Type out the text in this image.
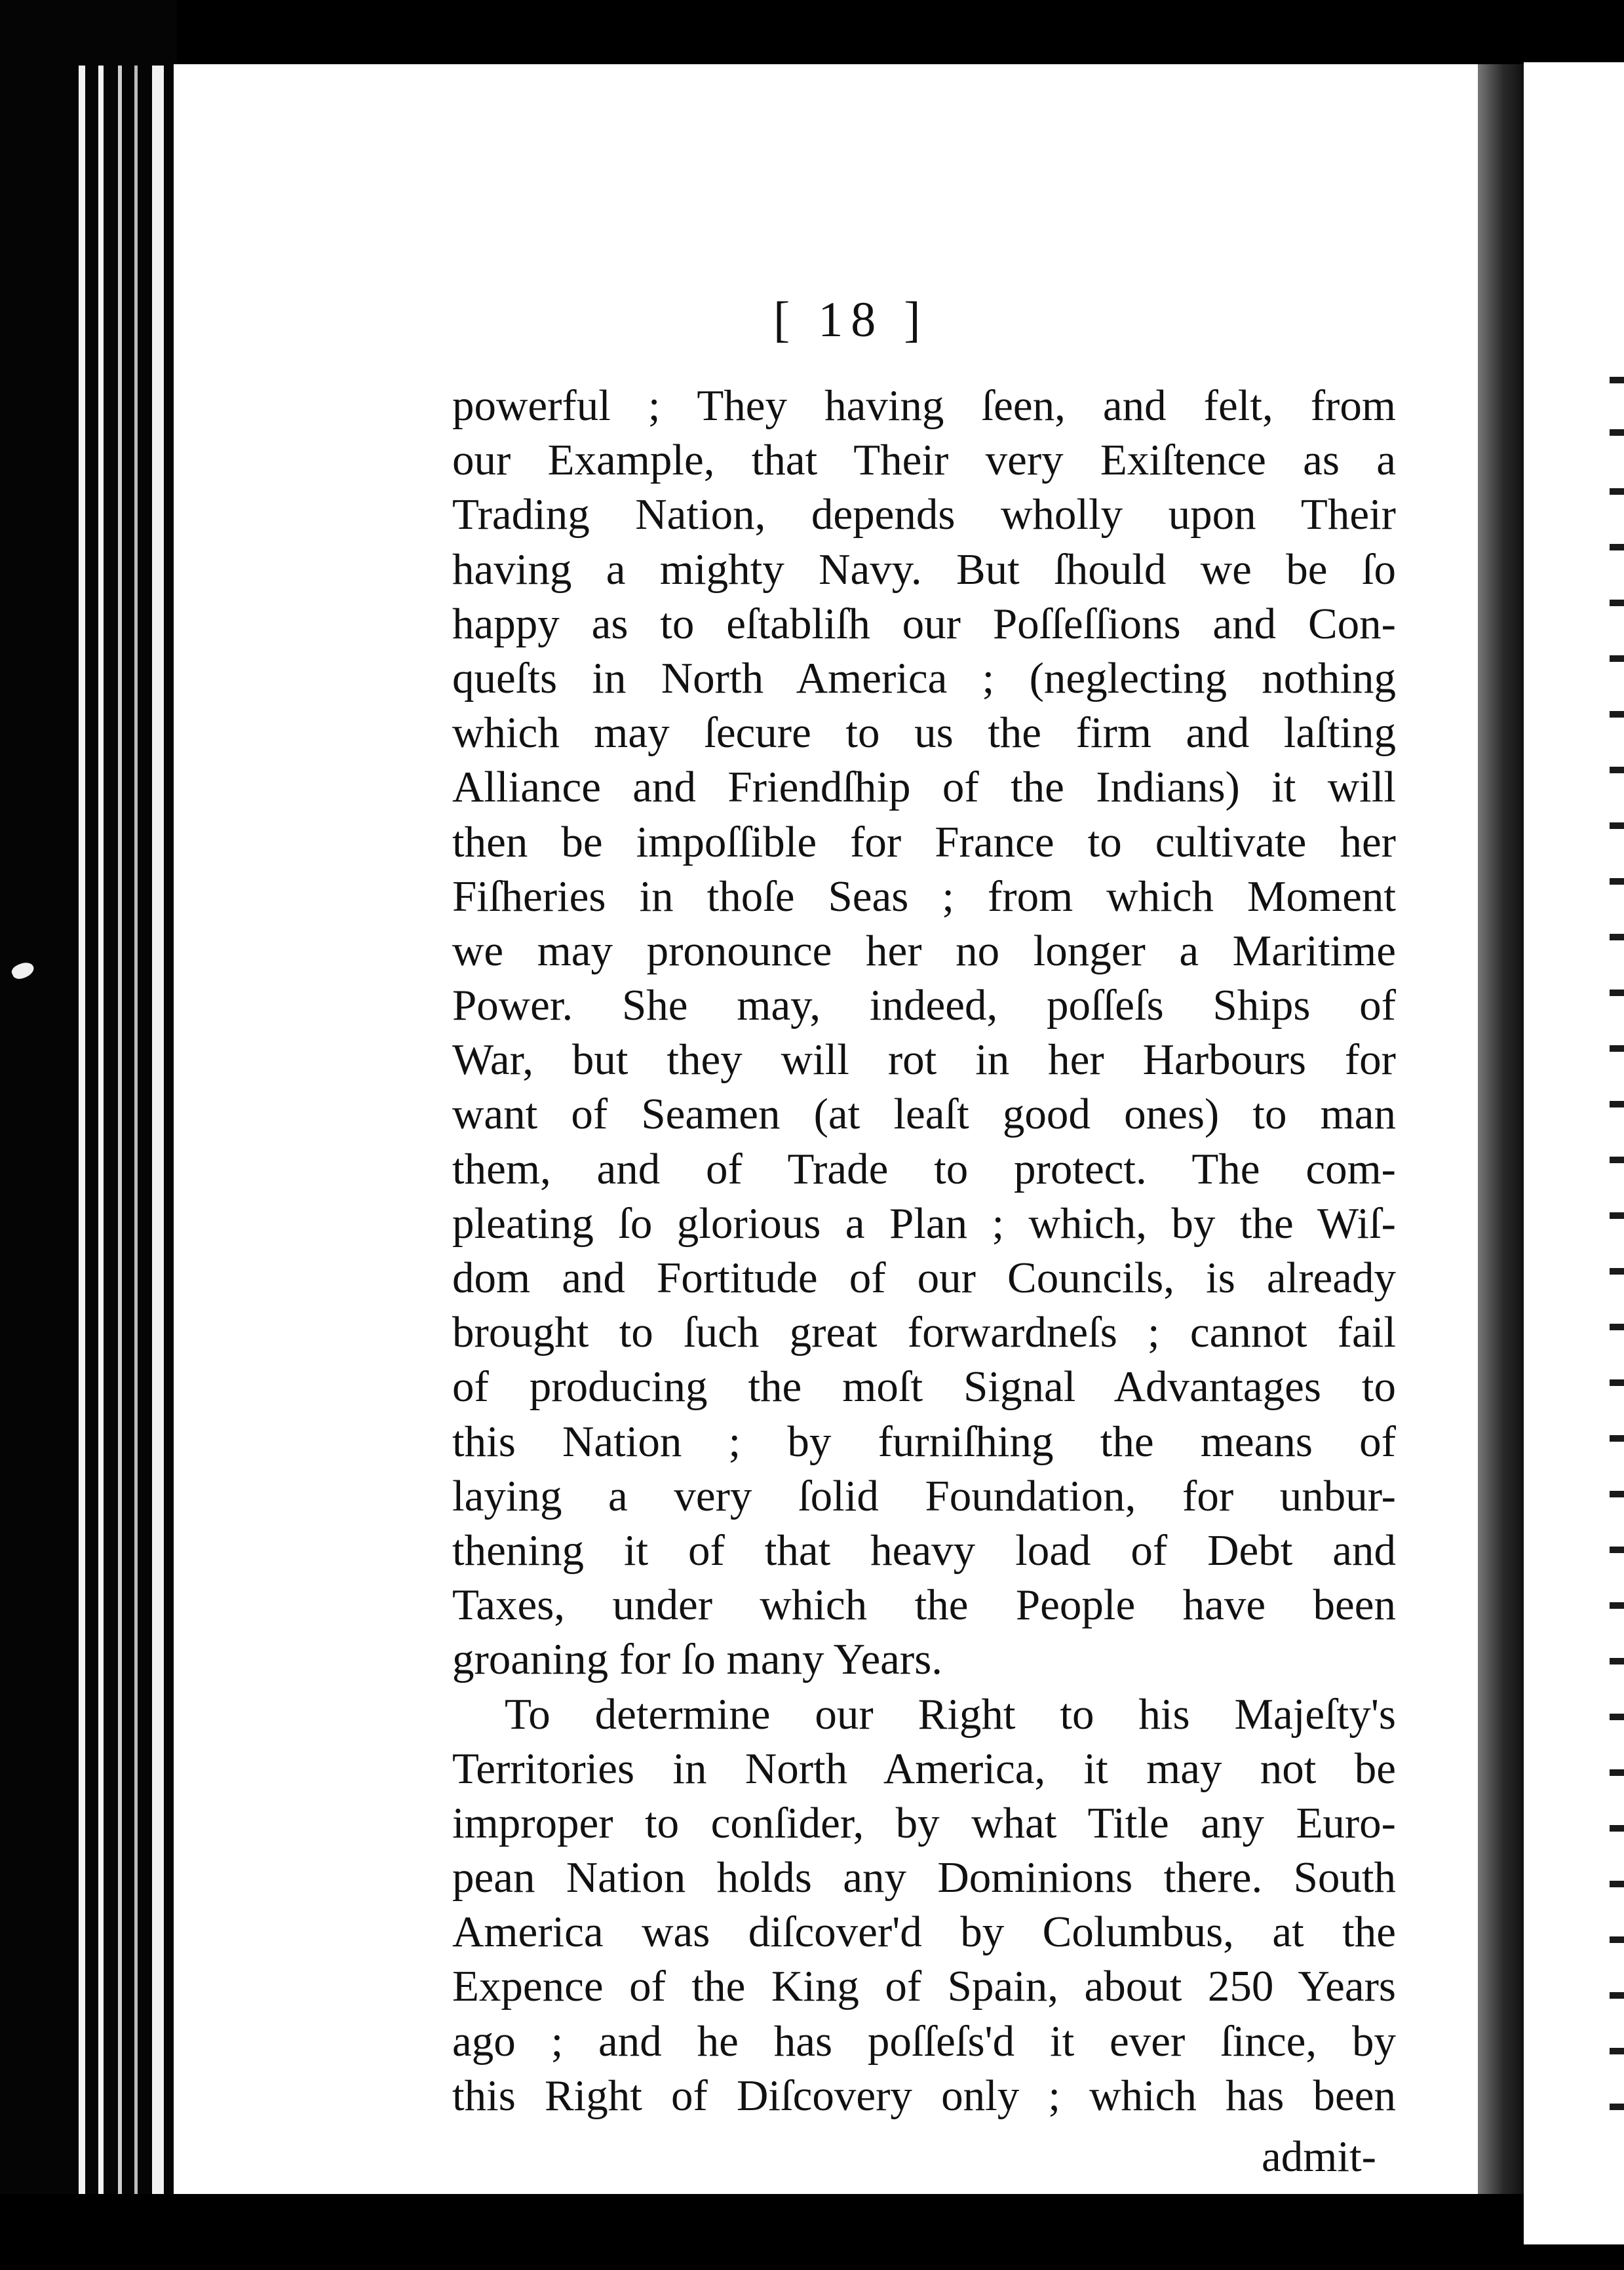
[ 18 ]
powerful ; They having ſeen, and felt, from
our Example, that Their very Exiſtence as a
Trading Nation, depends wholly upon Their
having a mighty Navy. But ſhould we be ſo
happy as to eſtabliſh our Poſſeſſions and Con-
queſts in North America ; (neglecting nothing
which may ſecure to us the firm and laſting
Alliance and Friendſhip of the Indians) it will
then be impoſſible for France to cultivate her
Fiſheries in thoſe Seas ; from which Moment
we may pronounce her no longer a Maritime
Power. She may, indeed, poſſeſs Ships of
War, but they will rot in her Harbours for
want of Seamen (at leaſt good ones) to man
them, and of Trade to protect. The com-
pleating ſo glorious a Plan ; which, by the Wiſ-
dom and Fortitude of our Councils, is already
brought to ſuch great forwardneſs ; cannot fail
of producing the moſt Signal Advantages to
this Nation ; by furniſhing the means of
laying a very ſolid Foundation, for unbur-
thening it of that heavy load of Debt and
Taxes, under which the People have been
groaning for ſo many Years.
To determine our Right to his Majeſty's
Territories in North America, it may not be
improper to conſider, by what Title any Euro-
pean Nation holds any Dominions there. South
America was diſcover'd by Columbus, at the
Expence of the King of Spain, about 250 Years
ago ; and he has poſſeſs'd it ever ſince, by
this Right of Diſcovery only ; which has been
admit-
